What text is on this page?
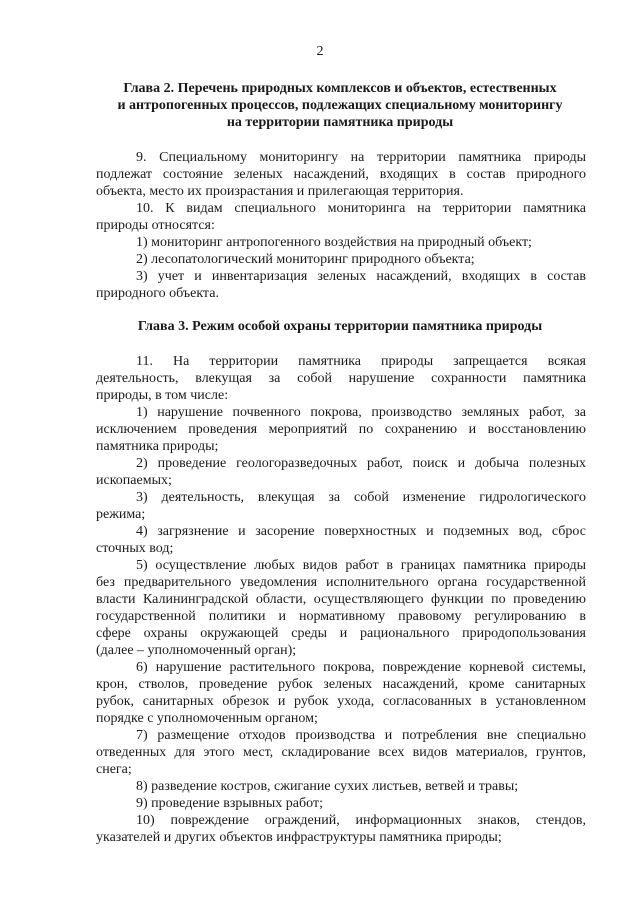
2
Глава 2. Перечень природных комплексов и объектов, естественных
и антропогенных процессов, подлежащих специальному мониторингу
на территории памятника природы
9. Специальному мониторингу на территории памятника природы
подлежат состояние зеленых насаждений, входящих в состав природного
объекта, место их произрастания и прилегающая территория.
10. К видам специального мониторинга на территории памятника
природы относятся:
1) мониторинг антропогенного воздействия на природный объект;
2) лесопатологический мониторинг природного объекта;
3) учет и инвентаризация зеленых насаждений, входящих в состав
природного объекта.
Глава 3. Режим особой охраны территории памятника природы
11. На территории памятника природы запрещается всякая
деятельность, влекущая за собой нарушение сохранности памятника
природы, в том числе:
1) нарушение почвенного покрова, производство земляных работ, за
исключением проведения мероприятий по сохранению и восстановлению
памятника природы;
2) проведение геологоразведочных работ, поиск и добыча полезных
ископаемых;
3) деятельность, влекущая за собой изменение гидрологического
режима;
4) загрязнение и засорение поверхностных и подземных вод, сброс
сточных вод;
5) осуществление любых видов работ в границах памятника природы
без предварительного уведомления исполнительного органа государственной
власти Калининградской области, осуществляющего функции по проведению
государственной политики и нормативному правовому регулированию в
сфере охраны окружающей среды и рационального природопользования
(далее – уполномоченный орган);
6) нарушение растительного покрова, повреждение корневой системы,
крон, стволов, проведение рубок зеленых насаждений, кроме санитарных
рубок, санитарных обрезок и рубок ухода, согласованных в установленном
порядке с уполномоченным органом;
7) размещение отходов производства и потребления вне специально
отведенных для этого мест, складирование всех видов материалов, грунтов,
снега;
8) разведение костров, сжигание сухих листьев, ветвей и травы;
9) проведение взрывных работ;
10) повреждение ограждений, информационных знаков, стендов,
указателей и других объектов инфраструктуры памятника природы;
